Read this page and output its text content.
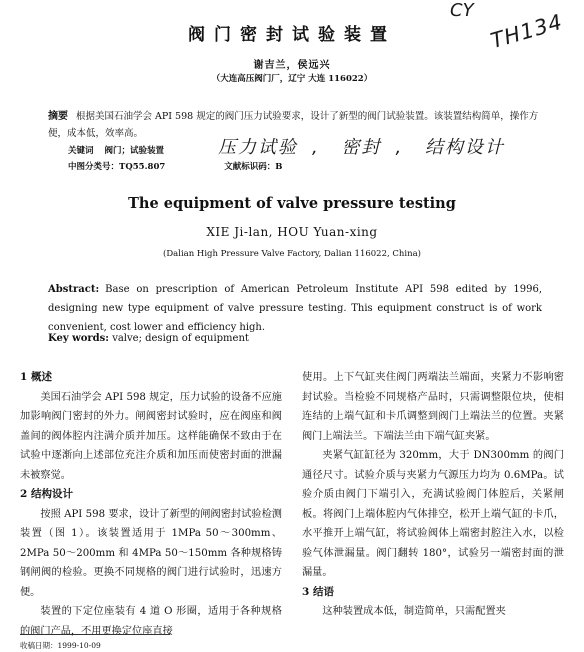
CY TH134
阀门密封试验装置
谢吉兰，侯远兴
（大连高压阀门厂，辽宁 大连 116022）
摘要 根据美国石油学会 API 598 规定的阀门压力试验要求，设计了新型的阀门试验装置。该装置结构简单，操作方便，成本低，效率高。
关键词 阀门；试验装置	压力试验 , 密封 , 结构设计
中图分类号：TQ55.807	文献标识码：B
The equipment of valve pressure testing
XIE Ji-lan, HOU Yuan-xing
(Dalian High Pressure Valve Factory, Dalian 116022, China)
Abstract: Base on prescription of American Petroleum Institute API 598 edited by 1996, designing new type equipment of valve pressure testing. This equipment construct is of work convenient, cost lower and efficiency high.
Key words: valve; design of equipment
1 概述

美国石油学会 API 598 规定，压力试验的设备不应施加影响阀门密封的外力。闸阀密封试验时，应在阀座和阀盖间的阀体腔内注满介质并加压。这样能确保不致由于在试验中逐渐向上述部位充注介质和加压而使密封面的泄漏未被察觉。

2 结构设计

按照 API 598 要求，设计了新型的闸阀密封试验检测装置（图 1）。该装置适用于 1MPa 50～300mm、2MPa 50～200mm 和 4MPa 50～150mm 各种规格铸钢闸阀的检验。更换不同规格的阀门进行试验时，迅速方便。

装置的下定位座装有 4 道 O 形圈，适用于各种规格的阀门产品，不用更换定位座直接

使用。上下气缸夹住阀门两端法兰端面，夹紧力不影响密封试验。当检验不同规格产品时，只需调整限位块，使相连结的上端气缸和卡爪调整到阀门上端法兰的位置。夹紧阀门上端法兰。下端法兰由下端气缸夹紧。

夹紧气缸缸径为 320mm，大于 DN300mm 的阀门通径尺寸。试验介质与夹紧力气源压力均为 0.6MPa。试验介质由阀门下端引入，充满试验阀门体腔后，关紧闸板。将阀门上端体腔内气体排空，松开上端气缸的卡爪，水平推开上端气缸，将试验阀体上端密封腔注入水，以检验气体泄漏量。阀门翻转 180°，试验另一端密封面的泄漏量。

3 结语

这种装置成本低，制造简单，只需配置夹

收稿日期：1999-10-09
